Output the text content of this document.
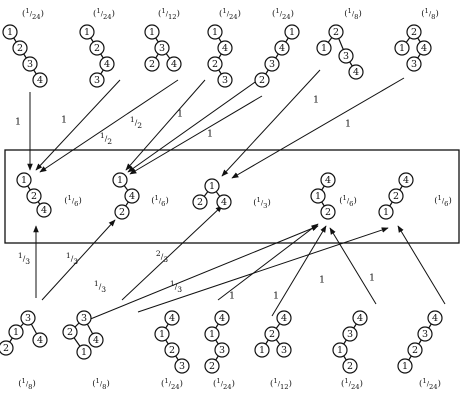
1	1
$^1_{/2}$
$^1_{/2}$
1
1
1
1
$^1_{/3}$
$^1_{/3}$
$^2_{/3}$
$^1_{/3}$
$^1_{/3}$
1	1
1	1
($^1_{/24}$)
1
2
3
4
($^1_{/24}$)
1
2
4
3
($^1_{/12}$)
1
3
2 4
($^1_{/24}$)
1
4
2
3
($^1_{/24}$)
1
4
3
2
($^1_{/8}$)
2
1
3
4
($^1_{/8}$)
2
1 4
3
1
2
4
($^1_{/6}$)
1
4
2
($^1_{/6}$)
1
2 4	($^1_{/3}$)
4
1
2
($^1_{/6}$)
4
2
1
($^1_{/6}$)
3
1
4
2
($^1_{/8}$)
3
2
4
1
($^1_{/8}$)
4
1
2
3
($^1_{/24}$)
4
1
3
2
($^1_{/24}$)
4
2
1 3
($^1_{/12}$)
4
3
1
2
($^1_{/24}$)
4
3
2
1
($^1_{/24}$)
